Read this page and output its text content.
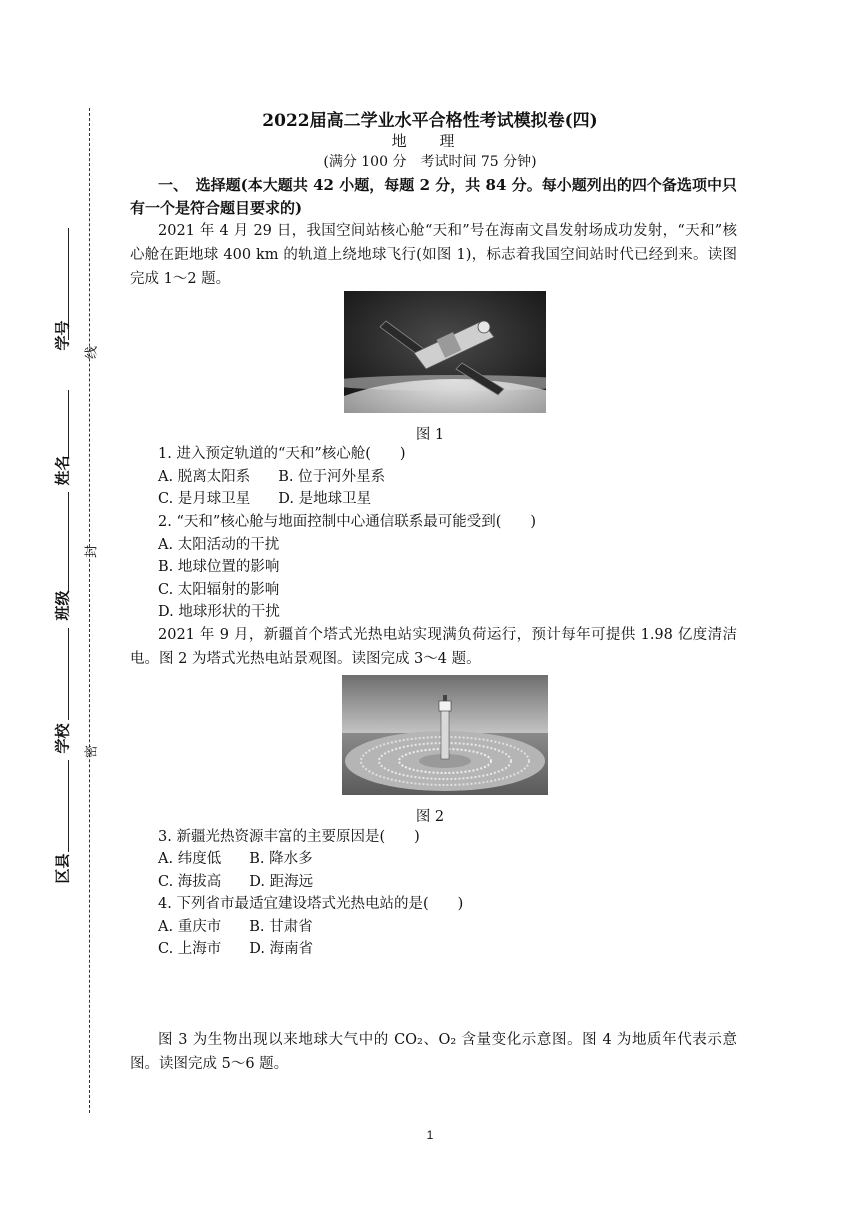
学号
姓名
班级
学校
区县
线
封
密
2022届高二学业水平合格性考试模拟卷(四)
地 理
(满分 100 分　考试时间 75 分钟)
一、　选择题(本大题共 42 小题，每题 2 分，共 84 分。每小题列出的四个备选项中只有一个是符合题目要求的)
2021 年 4 月 29 日，我国空间站核心舱“天和”号在海南文昌发射场成功发射，“天和”核心舱在距地球 400 km 的轨道上绕地球飞行(如图 1)，标志着我国空间站时代已经到来。读图完成 1～2 题。
图 1
1. 进入预定轨道的“天和”核心舱(　　)
A. 脱离太阳系 B. 位于河外星系
C. 是月球卫星 D. 是地球卫星
2. “天和”核心舱与地面控制中心通信联系最可能受到(　　)
A. 太阳活动的干扰
B. 地球位置的影响
C. 太阳辐射的影响
D. 地球形状的干扰
2021 年 9 月，新疆首个塔式光热电站实现满负荷运行，预计每年可提供 1.98 亿度清洁电。图 2 为塔式光热电站景观图。读图完成 3～4 题。
图 2
3. 新疆光热资源丰富的主要原因是(　　)
A. 纬度低 B. 降水多
C. 海拔高 D. 距海远
4. 下列省市最适宜建设塔式光热电站的是(　　)
A. 重庆市 B. 甘肃省
C. 上海市 D. 海南省
图 3 为生物出现以来地球大气中的 CO₂、O₂ 含量变化示意图。图 4 为地质年代表示意图。读图完成 5～6 题。
1
